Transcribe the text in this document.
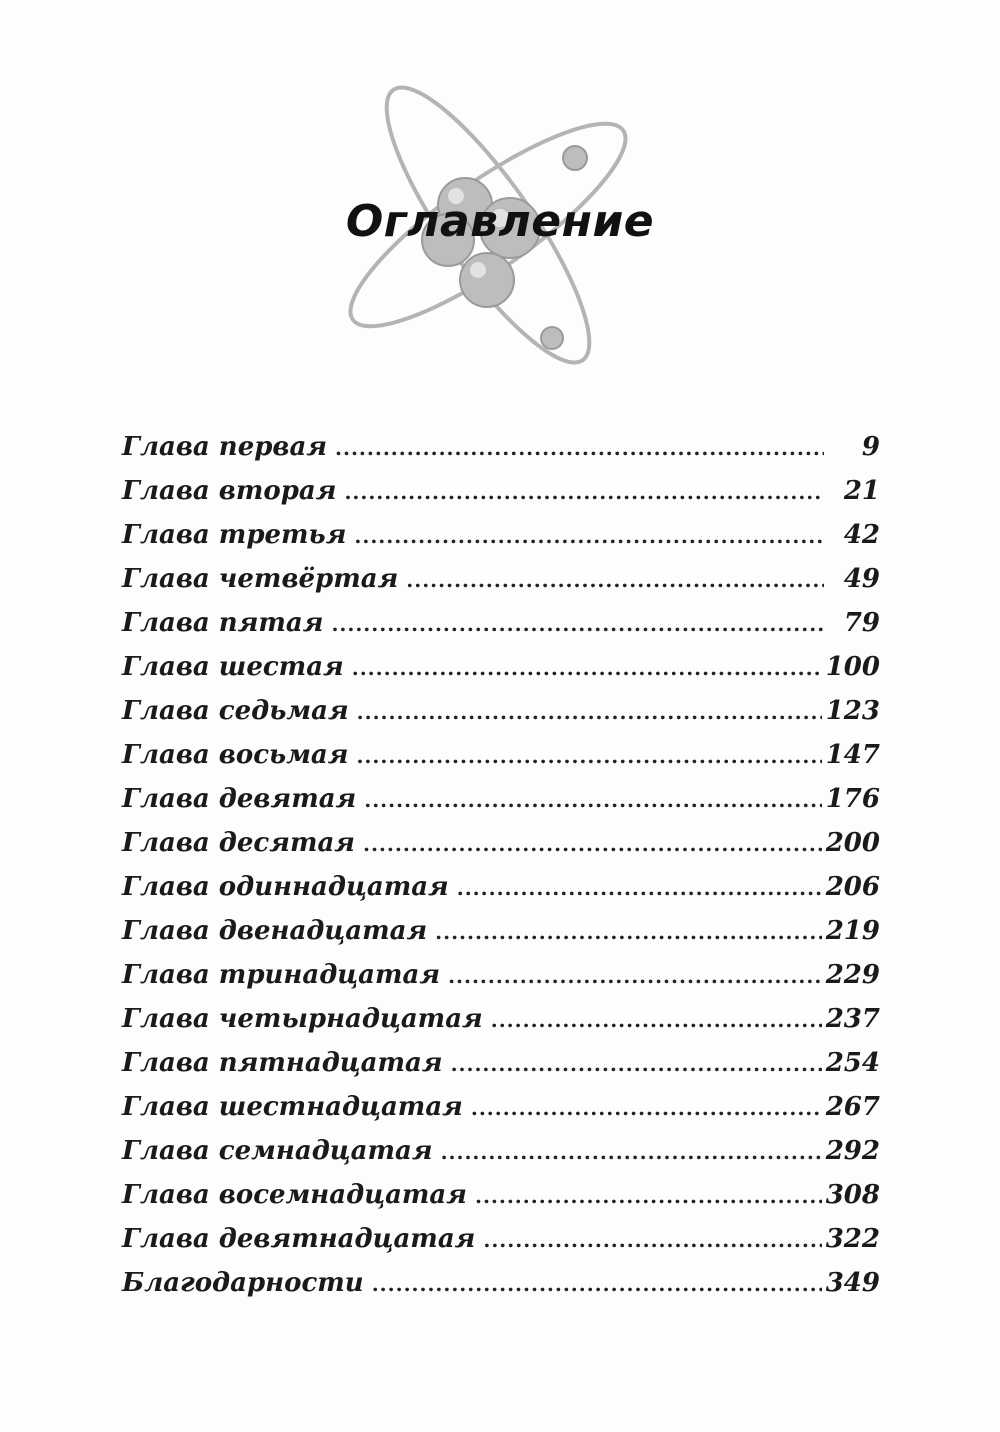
Оглавление
Глава первая .....	9
Глава вторая .....	21
Глава третья .....	42
Глава четвёртая .....	49
Глава пятая .....	79
Глава шестая .....	100
Глава седьмая .....	123
Глава восьмая .....	147
Глава девятая .....	176
Глава десятая .....	200
Глава одиннадцатая .....	206
Глава двенадцатая .....	219
Глава тринадцатая .....	229
Глава четырнадцатая .....	237
Глава пятнадцатая .....	254
Глава шестнадцатая .....	267
Глава семнадцатая .....	292
Глава восемнадцатая .....	308
Глава девятнадцатая .....	322
Благодарности .....	349
